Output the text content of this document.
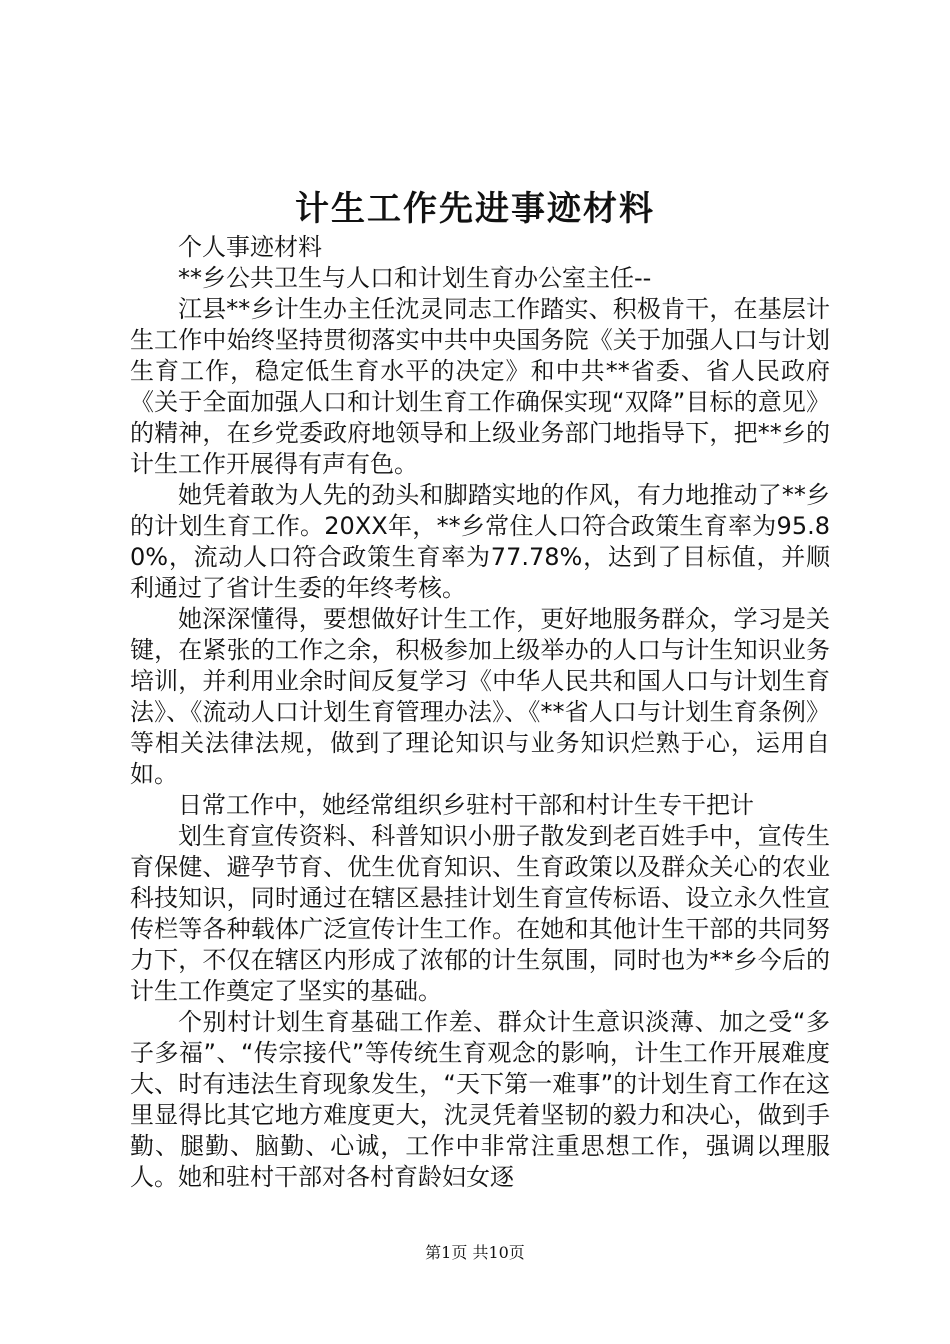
计生工作先进事迹材料

个人事迹材料

**乡公共卫生与人口和计划生育办公室主任--

江县**乡计生办主任沈灵同志工作踏实、积极肯干，在基层计生工作中始终坚持贯彻落实中共中央国务院《关于加强人口与计划生育工作，稳定低生育水平的决定》和中共**省委、省人民政府《关于全面加强人口和计划生育工作确保实现“双降”目标的意见》的精神，在乡党委政府地领导和上级业务部门地指导下，把**乡的计生工作开展得有声有色。

她凭着敢为人先的劲头和脚踏实地的作风，有力地推动了**乡的计划生育工作。20XX年，**乡常住人口符合政策生育率为95.80%，流动人口符合政策生育率为77.78%，达到了目标值，并顺利通过了省计生委的年终考核。

她深深懂得，要想做好计生工作，更好地服务群众，学习是关键，在紧张的工作之余，积极参加上级举办的人口与计生知识业务培训，并利用业余时间反复学习《中华人民共和国人口与计划生育法》、《流动人口计划生育管理办法》、《**省人口与计划生育条例》等相关法律法规，做到了理论知识与业务知识烂熟于心，运用自如。

日常工作中，她经常组织乡驻村干部和村计生专干把计

划生育宣传资料、科普知识小册子散发到老百姓手中，宣传生育保健、避孕节育、优生优育知识、生育政策以及群众关心的农业科技知识，同时通过在辖区悬挂计划生育宣传标语、设立永久性宣传栏等各种载体广泛宣传计生工作。在她和其他计生干部的共同努力下，不仅在辖区内形成了浓郁的计生氛围，同时也为**乡今后的计生工作奠定了坚实的基础。

个别村计划生育基础工作差、群众计生意识淡薄、加之受“多子多福”、“传宗接代”等传统生育观念的影响，计生工作开展难度大、时有违法生育现象发生，“天下第一难事”的计划生育工作在这里显得比其它地方难度更大，沈灵凭着坚韧的毅力和决心，做到手勤、腿勤、脑勤、心诚，工作中非常注重思想工作，强调以理服人。她和驻村干部对各村育龄妇女逐

第1页 共10页
